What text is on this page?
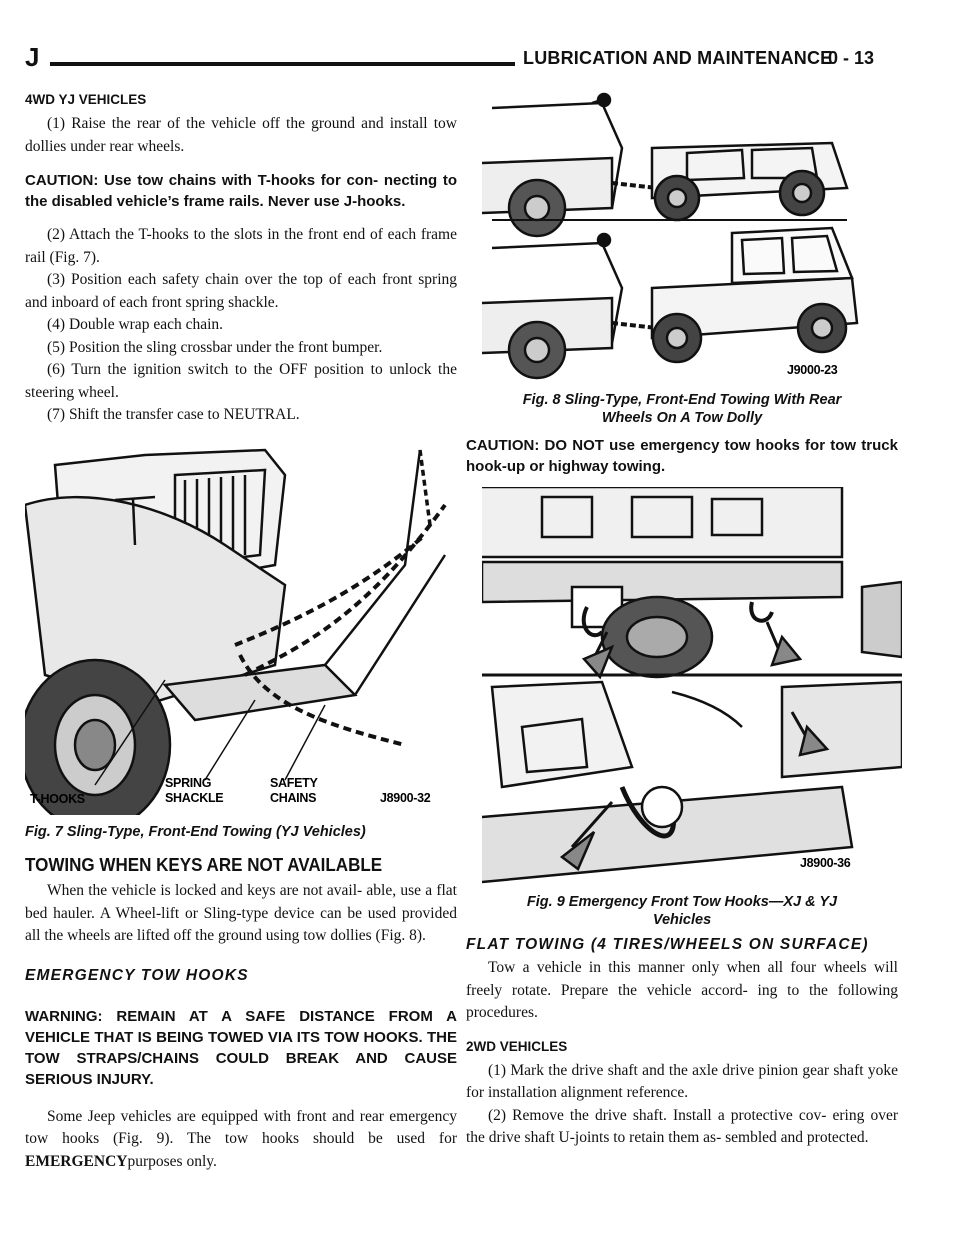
J	LUBRICATION AND MAINTENANCE
0 - 13

4WD YJ VEHICLES

(1) Raise the rear of the vehicle off the ground and install tow dollies under rear wheels.

CAUTION: Use tow chains with T-hooks for con- necting to the disabled vehicle’s frame rails. Never use J-hooks.

(2) Attach the T-hooks to the slots in the front end of each frame rail (Fig. 7).

(3) Position each safety chain over the top of each front spring and inboard of each front spring shackle.

(4) Double wrap each chain.

(5) Position the sling crossbar under the front bumper.

(6) Turn the ignition switch to the OFF position to unlock the steering wheel.

(7) Shift the transfer case to NEUTRAL.

T-HOOKS
SPRING
SHACKLE
SAFETY
CHAINS	J8900-32

Fig. 7 Sling-Type, Front-End Towing (YJ Vehicles)

TOWING WHEN KEYS ARE NOT AVAILABLE

When the vehicle is locked and keys are not avail- able, use a flat bed hauler. A Wheel-lift or Sling-type device can be used provided all the wheels are lifted off the ground using tow dollies (Fig. 8).

EMERGENCY TOW HOOKS

WARNING: REMAIN AT A SAFE DISTANCE FROM A VEHICLE THAT IS BEING TOWED VIA ITS TOW HOOKS. THE TOW STRAPS/CHAINS COULD BREAK AND CAUSE SERIOUS INJURY.

Some Jeep vehicles are equipped with front and rear emergency tow hooks (Fig. 9). The tow hooks should be used for EMERGENCYpurposes only.

J9000-23

Fig. 8 Sling-Type, Front-End Towing With Rear
Wheels On A Tow Dolly

CAUTION: DO NOT use emergency tow hooks for tow truck hook-up or highway towing.

J8900-36

Fig. 9 Emergency Front Tow Hooks—XJ & YJ
Vehicles

FLAT TOWING (4 TIRES/WHEELS ON SURFACE)

Tow a vehicle in this manner only when all four wheels will freely rotate. Prepare the vehicle accord- ing to the following procedures.

2WD VEHICLES

(1) Mark the drive shaft and the axle drive pinion gear shaft yoke for installation alignment reference.

(2) Remove the drive shaft. Install a protective cov- ering over the drive shaft U-joints to retain them as- sembled and protected.
